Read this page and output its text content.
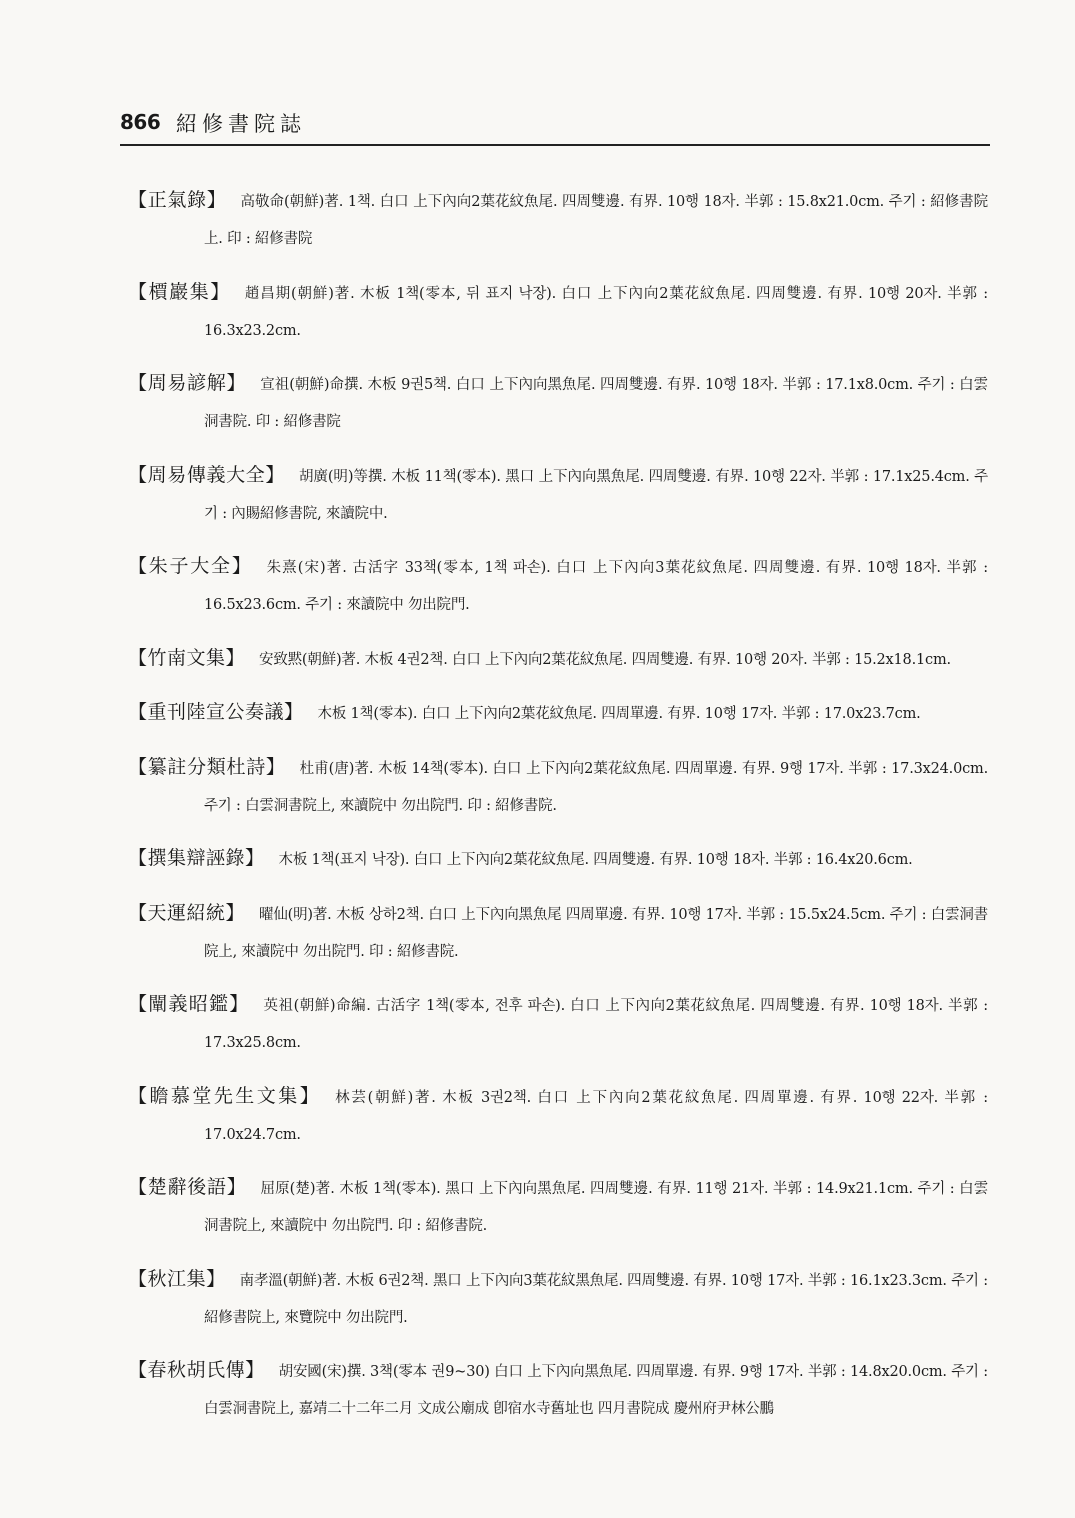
866 紹修書院誌
【正氣錄】 高敬命(朝鮮)著. 1책. 白口 上下內向2葉花紋魚尾. 四周雙邊. 有界. 10행 18자. 半郭 : 15.8x21.0cm. 주기 : 紹修書院上. 印 : 紹修書院
【檟巖集】 趙昌期(朝鮮)著. 木板 1책(零本, 뒤 표지 낙장). 白口 上下內向2葉花紋魚尾. 四周雙邊. 有界. 10행 20자. 半郭 : 16.3x23.2cm.
【周易諺解】 宣祖(朝鮮)命撰. 木板 9권5책. 白口 上下內向黑魚尾. 四周雙邊. 有界. 10행 18자. 半郭 : 17.1x8.0cm. 주기 : 白雲洞書院. 印 : 紹修書院
【周易傳義大全】 胡廣(明)等撰. 木板 11책(零本). 黑口 上下內向黑魚尾. 四周雙邊. 有界. 10행 22자. 半郭 : 17.1x25.4cm. 주기 : 內賜紹修書院, 來讀院中.
【朱子大全】 朱熹(宋)著. 古活字 33책(零本, 1책 파손). 白口 上下內向3葉花紋魚尾. 四周雙邊. 有界. 10행 18자. 半郭 : 16.5x23.6cm. 주기 : 來讀院中 勿出院門.
【竹南文集】 安致黙(朝鮮)著. 木板 4권2책. 白口 上下內向2葉花紋魚尾. 四周雙邊. 有界. 10행 20자. 半郭 : 15.2x18.1cm.
【重刊陸宣公奏議】 木板 1책(零本). 白口 上下內向2葉花紋魚尾. 四周單邊. 有界. 10행 17자. 半郭 : 17.0x23.7cm.
【纂註分類杜詩】 杜甫(唐)著. 木板 14책(零本). 白口 上下內向2葉花紋魚尾. 四周單邊. 有界. 9행 17자. 半郭 : 17.3x24.0cm. 주기 : 白雲洞書院上, 來讀院中 勿出院門. 印 : 紹修書院.
【撰集辯誣錄】 木板 1책(표지 낙장). 白口 上下內向2葉花紋魚尾. 四周雙邊. 有界. 10행 18자. 半郭 : 16.4x20.6cm.
【天運紹統】 曜仙(明)著. 木板 상하2책. 白口 上下內向黑魚尾 四周單邊. 有界. 10행 17자. 半郭 : 15.5x24.5cm. 주기 : 白雲洞書院上, 來讀院中 勿出院門. 印 : 紹修書院.
【闡義昭鑑】 英祖(朝鮮)命編. 古活字 1책(零本, 전후 파손). 白口 上下內向2葉花紋魚尾. 四周雙邊. 有界. 10행 18자. 半郭 : 17.3x25.8cm.
【瞻慕堂先生文集】 林芸(朝鮮)著. 木板 3권2책. 白口 上下內向2葉花紋魚尾. 四周單邊. 有界. 10행 22자. 半郭 : 17.0x24.7cm.
【楚辭後語】 屈原(楚)著. 木板 1책(零本). 黑口 上下內向黑魚尾. 四周雙邊. 有界. 11행 21자. 半郭 : 14.9x21.1cm. 주기 : 白雲洞書院上, 來讀院中 勿出院門. 印 : 紹修書院.
【秋江集】 南孝溫(朝鮮)著. 木板 6권2책. 黑口 上下內向3葉花紋黑魚尾. 四周雙邊. 有界. 10행 17자. 半郭 : 16.1x23.3cm. 주기 : 紹修書院上, 來覽院中 勿出院門.
【春秋胡氏傳】 胡安國(宋)撰. 3책(零本 권9~30) 白口 上下內向黑魚尾. 四周單邊. 有界. 9행 17자. 半郭 : 14.8x20.0cm. 주기 : 白雲洞書院上, 嘉靖二十二年二月 文成公廟成 卽宿水寺舊址也 四月書院成 慶州府尹林公鵬
